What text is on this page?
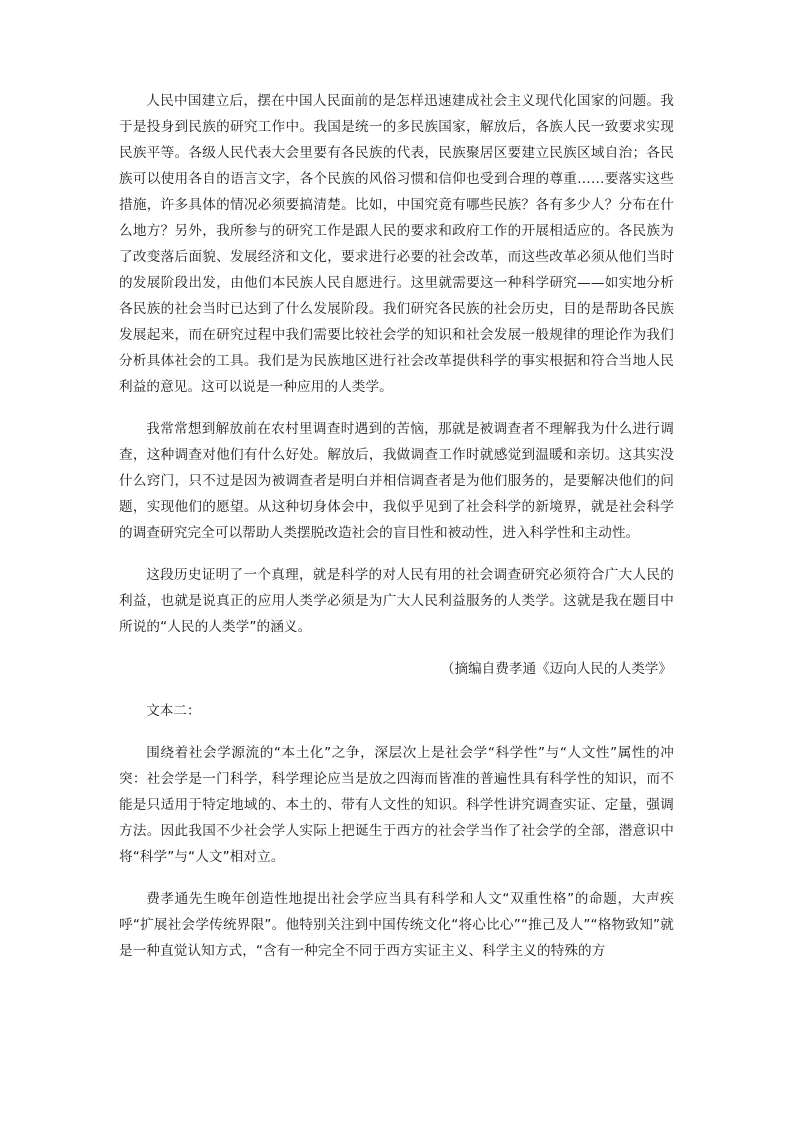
人民中国建立后，摆在中国人民面前的是怎样迅速建成社会主义现代化国家的问题。我于是投身到民族的研究工作中。我国是统一的多民族国家，解放后，各族人民一致要求实现民族平等。各级人民代表大会里要有各民族的代表，民族聚居区要建立民族区域自治；各民族可以使用各自的语言文字，各个民族的风俗习惯和信仰也受到合理的尊重……要落实这些措施，许多具体的情况必须要搞清楚。比如，中国究竟有哪些民族？各有多少人？分布在什么地方？另外，我所参与的研究工作是跟人民的要求和政府工作的开展相适应的。各民族为了改变落后面貌、发展经济和文化，要求进行必要的社会改革，而这些改革必须从他们当时的发展阶段出发，由他们本民族人民自愿进行。这里就需要这一种科学研究——如实地分析各民族的社会当时已达到了什么发展阶段。我们研究各民族的社会历史，目的是帮助各民族发展起来，而在研究过程中我们需要比较社会学的知识和社会发展一般规律的理论作为我们分析具体社会的工具。我们是为民族地区进行社会改革提供科学的事实根据和符合当地人民利益的意见。这可以说是一种应用的人类学。

我常常想到解放前在农村里调查时遇到的苦恼，那就是被调查者不理解我为什么进行调查，这种调查对他们有什么好处。解放后，我做调查工作时就感觉到温暖和亲切。这其实没什么窍门，只不过是因为被调查者是明白并相信调查者是为他们服务的，是要解决他们的问题，实现他们的愿望。从这种切身体会中，我似乎见到了社会科学的新境界，就是社会科学的调查研究完全可以帮助人类摆脱改造社会的盲目性和被动性，进入科学性和主动性。

这段历史证明了一个真理，就是科学的对人民有用的社会调查研究必须符合广大人民的利益，也就是说真正的应用人类学必须是为广大人民利益服务的人类学。这就是我在题目中所说的“人民的人类学”的涵义。

（摘编自费孝通《迈向人民的人类学》

文本二：

围绕着社会学源流的“本土化”之争，深层次上是社会学“科学性”与“人文性”属性的冲突：社会学是一门科学，科学理论应当是放之四海而皆准的普遍性具有科学性的知识，而不能是只适用于特定地域的、本土的、带有人文性的知识。科学性讲究调查实证、定量，强调方法。因此我国不少社会学人实际上把诞生于西方的社会学当作了社会学的全部，潜意识中将“科学”与“人文”相对立。

费孝通先生晚年创造性地提出社会学应当具有科学和人文“双重性格”的命题，大声疾呼“扩展社会学传统界限”。他特别关注到中国传统文化“将心比心”“推己及人”“格物致知”就是一种直觉认知方式，“含有一种完全不同于西方实证主义、科学主义的特殊的方
